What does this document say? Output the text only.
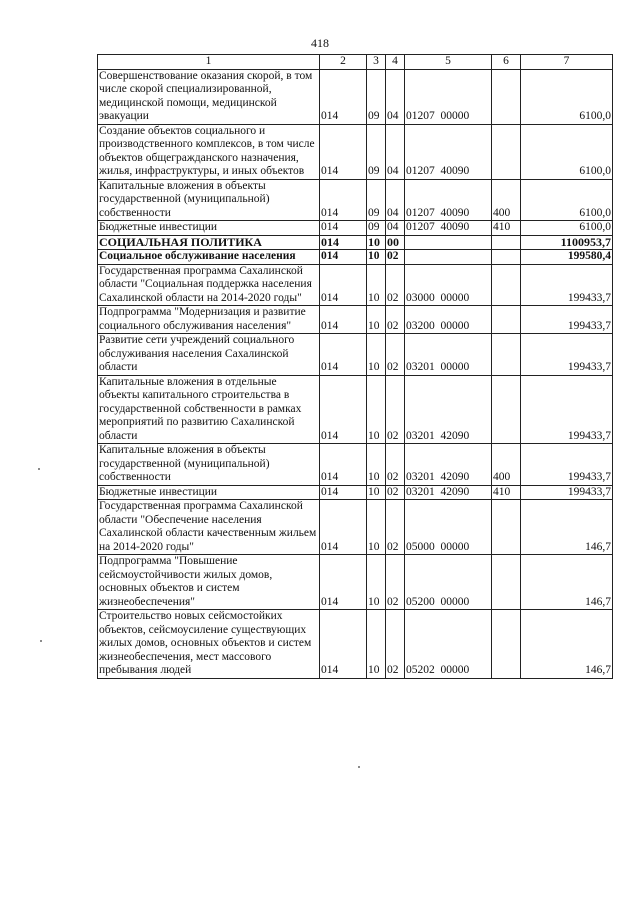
418
1	2	3	4	5	6	7
Совершенствование оказания скорой, в том числе скорой специализированной, медицинской помощи, медицинской эвакуации	014	09	04	01207  00000		6100,0
Создание объектов социального и производственного комплексов, в том числе объектов общегражданского назначения, жилья, инфраструктуры, и иных объектов	014	09	04	01207  40090		6100,0
Капитальные вложения в объекты государственной (муниципальной) собственности	014	09	04	01207  40090	400	6100,0
Бюджетные инвестиции	014	09	04	01207  40090	410	6100,0
СОЦИАЛЬНАЯ ПОЛИТИКА	014	10	00			1100953,7
Социальное обслуживание населения	014	10	02			199580,4
Государственная программа Сахалинской области "Социальная поддержка населения Сахалинской области на 2014-2020 годы"	014	10	02	03000  00000		199433,7
Подпрограмма "Модернизация и развитие социального обслуживания населения"	014	10	02	03200  00000		199433,7
Развитие сети учреждений социального обслуживания населения Сахалинской области	014	10	02	03201  00000		199433,7
Капитальные вложения в отдельные объекты капитального строительства в государственной собственности в рамках мероприятий по развитию Сахалинской области	014	10	02	03201  42090		199433,7
Капитальные вложения в объекты государственной (муниципальной) собственности	014	10	02	03201  42090	400	199433,7
Бюджетные инвестиции	014	10	02	03201  42090	410	199433,7
Государственная программа Сахалинской области "Обеспечение населения Сахалинской области качественным жильем на 2014-2020 годы"	014	10	02	05000  00000		146,7
Подпрограмма "Повышение сейсмоустойчивости жилых домов, основных объектов и систем жизнеобеспечения"	014	10	02	05200  00000		146,7
Строительство новых сейсмостойких объектов, сейсмоусиление существующих жилых домов, основных объектов и систем жизнеобеспечения, мест массового пребывания людей	014	10	02	05202  00000		146,7
